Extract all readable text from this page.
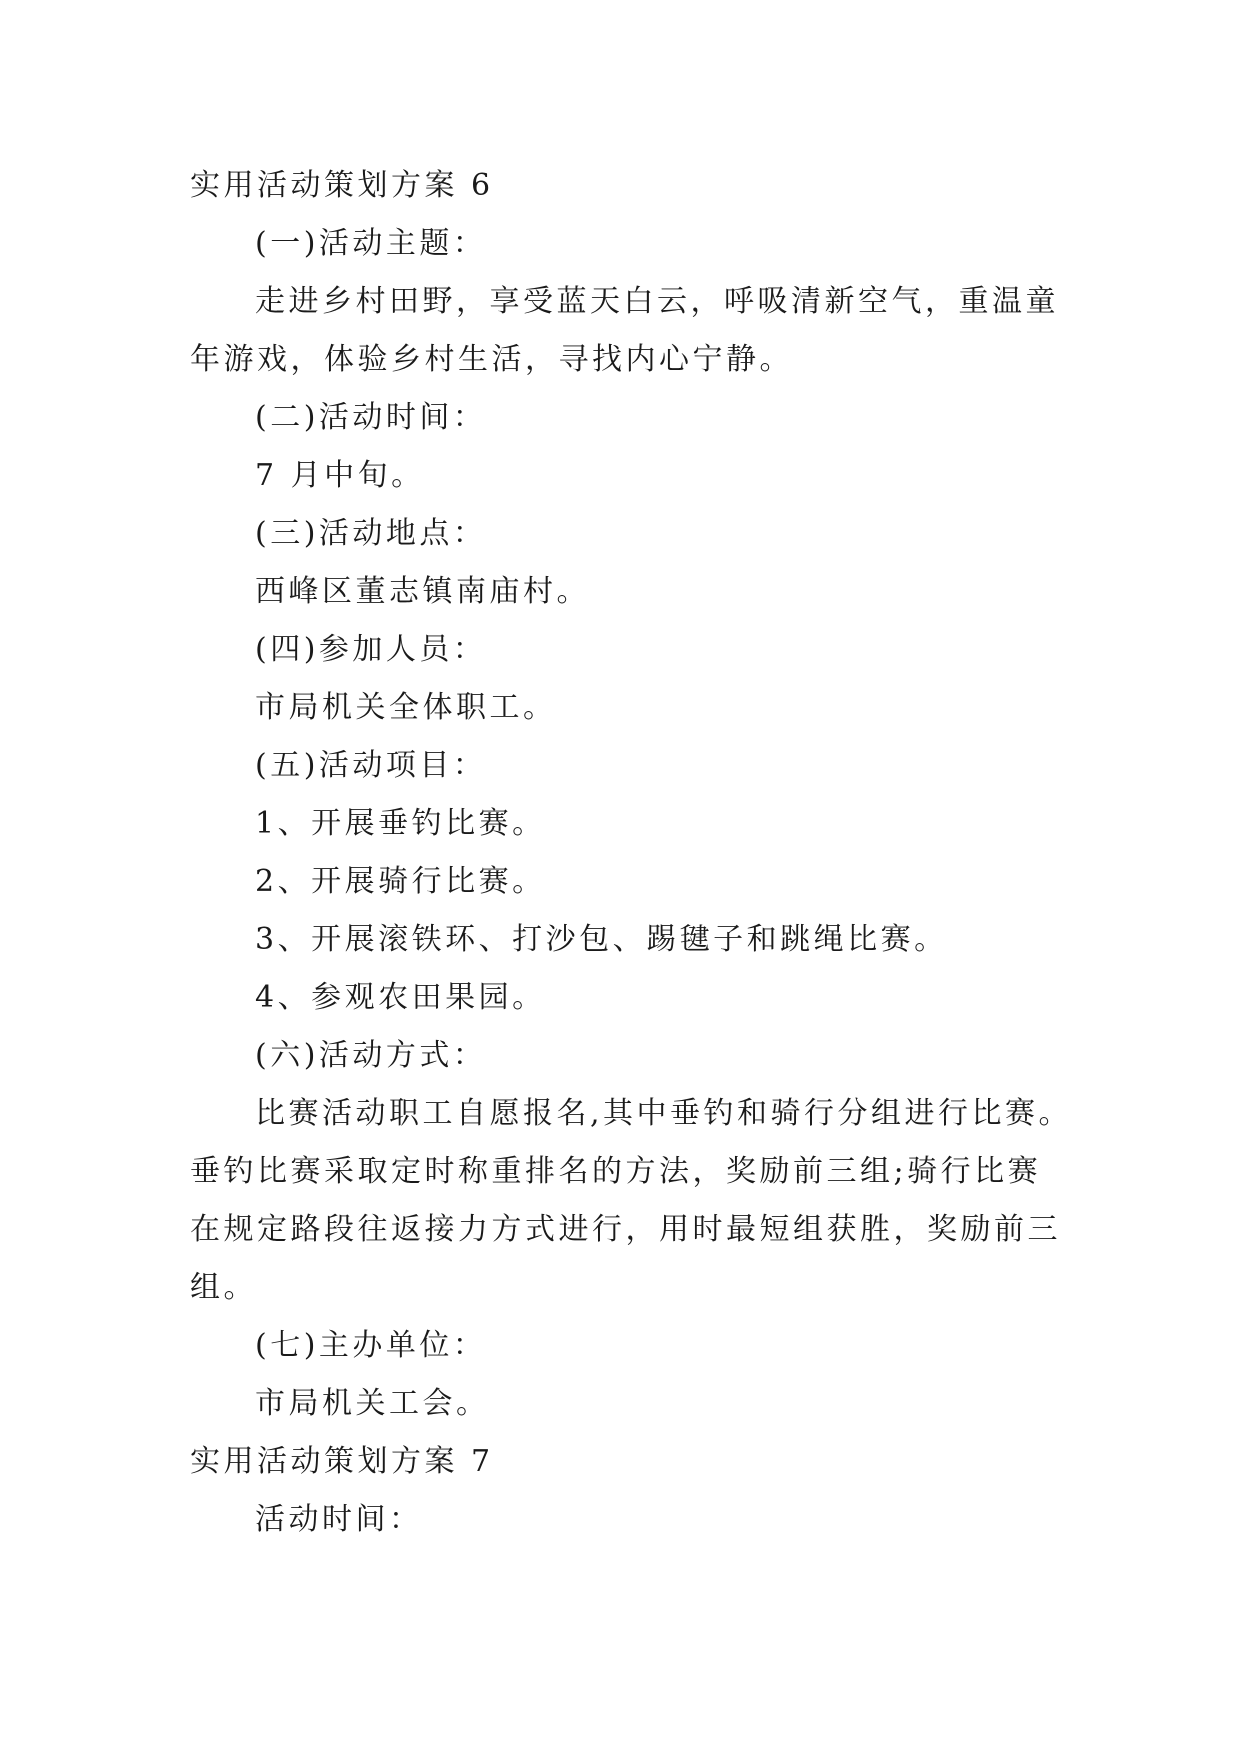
实用活动策划方案 6
(一)活动主题：
走进乡村田野，享受蓝天白云，呼吸清新空气，重温童
年游戏，体验乡村生活，寻找内心宁静。
(二)活动时间：
7 月中旬。
(三)活动地点：
西峰区董志镇南庙村。
(四)参加人员：
市局机关全体职工。
(五)活动项目：
1、开展垂钓比赛。
2、开展骑行比赛。
3、开展滚铁环、打沙包、踢毽子和跳绳比赛。
4、参观农田果园。
(六)活动方式：
比赛活动职工自愿报名,其中垂钓和骑行分组进行比赛。
垂钓比赛采取定时称重排名的方法，奖励前三组;骑行比赛
在规定路段往返接力方式进行，用时最短组获胜，奖励前三
组。
(七)主办单位：
市局机关工会。
实用活动策划方案 7
活动时间：
